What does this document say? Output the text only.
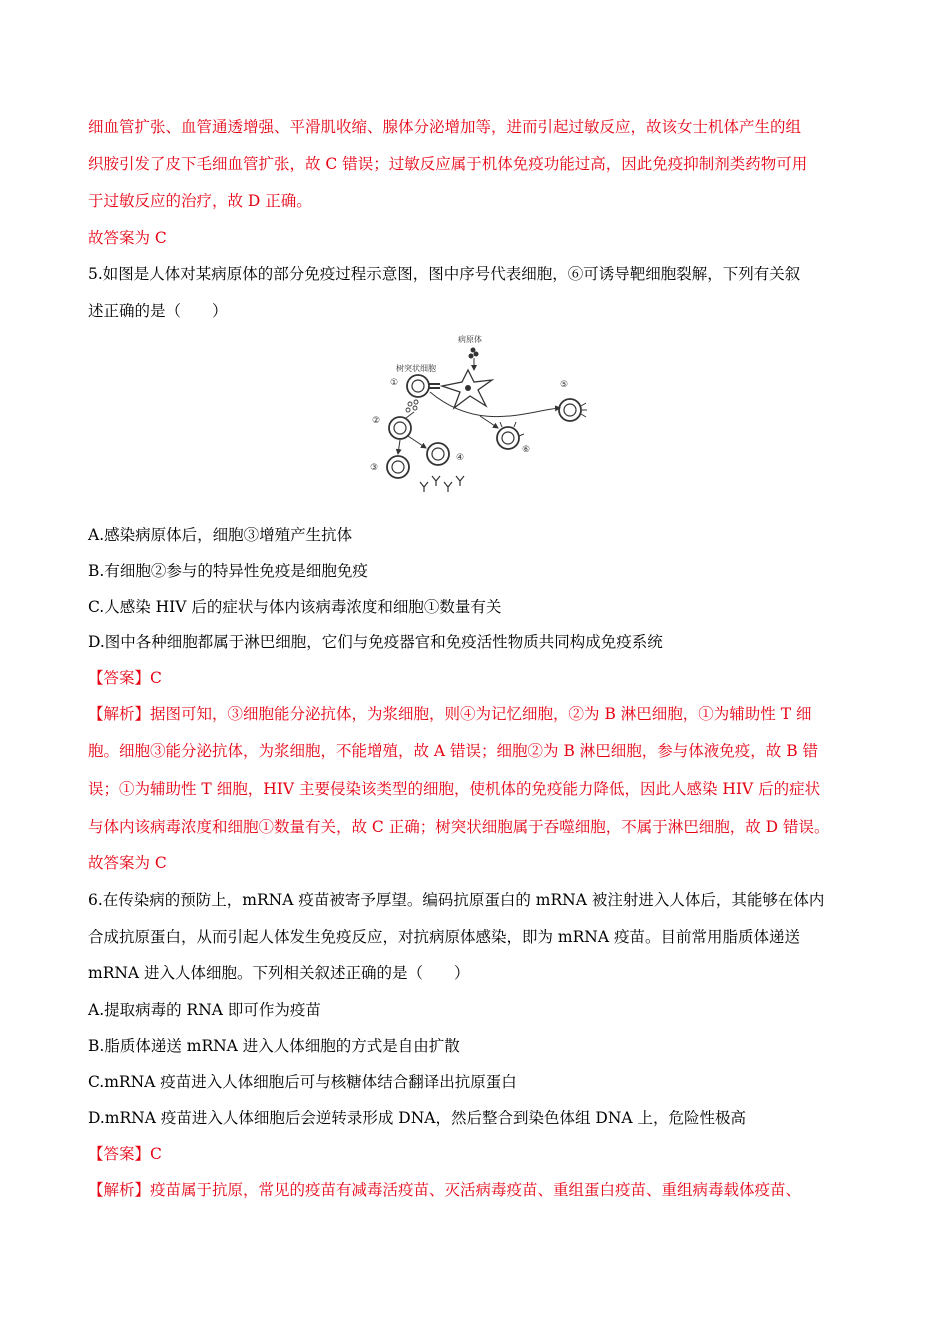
细血管扩张、血管通透增强、平滑肌收缩、腺体分泌增加等，进而引起过敏反应，故该女士机体产生的组
织胺引发了皮下毛细血管扩张，故 C 错误；过敏反应属于机体免疫功能过高，因此免疫抑制剂类药物可用
于过敏反应的治疗，故 D 正确。
故答案为 C
5.如图是人体对某病原体的部分免疫过程示意图，图中序号代表细胞，⑥可诱导靶细胞裂解，下列有关叙
述正确的是（　　）
病原体
树突状细胞
①
②
③
④
⑤
⑥
A.感染病原体后，细胞③增殖产生抗体
B.有细胞②参与的特异性免疫是细胞免疫
C.人感染 HIV 后的症状与体内该病毒浓度和细胞①数量有关
D.图中各种细胞都属于淋巴细胞，它们与免疫器官和免疫活性物质共同构成免疫系统
【答案】C
【解析】据图可知，③细胞能分泌抗体，为浆细胞，则④为记忆细胞，②为 B 淋巴细胞，①为辅助性 T 细
胞。细胞③能分泌抗体，为浆细胞，不能增殖，故 A 错误；细胞②为 B 淋巴细胞，参与体液免疫，故 B 错
误；①为辅助性 T 细胞，HIV 主要侵染该类型的细胞，使机体的免疫能力降低，因此人感染 HIV 后的症状
与体内该病毒浓度和细胞①数量有关，故 C 正确；树突状细胞属于吞噬细胞，不属于淋巴细胞，故 D 错误。
故答案为 C
6.在传染病的预防上，mRNA 疫苗被寄予厚望。编码抗原蛋白的 mRNA 被注射进入人体后，其能够在体内
合成抗原蛋白，从而引起人体发生免疫反应，对抗病原体感染，即为 mRNA 疫苗。目前常用脂质体递送
mRNA 进入人体细胞。下列相关叙述正确的是（　　）
A.提取病毒的 RNA 即可作为疫苗
B.脂质体递送 mRNA 进入人体细胞的方式是自由扩散
C.mRNA 疫苗进入人体细胞后可与核糖体结合翻译出抗原蛋白
D.mRNA 疫苗进入人体细胞后会逆转录形成 DNA，然后整合到染色体组 DNA 上，危险性极高
【答案】C
【解析】疫苗属于抗原，常见的疫苗有减毒活疫苗、灭活病毒疫苗、重组蛋白疫苗、重组病毒载体疫苗、
